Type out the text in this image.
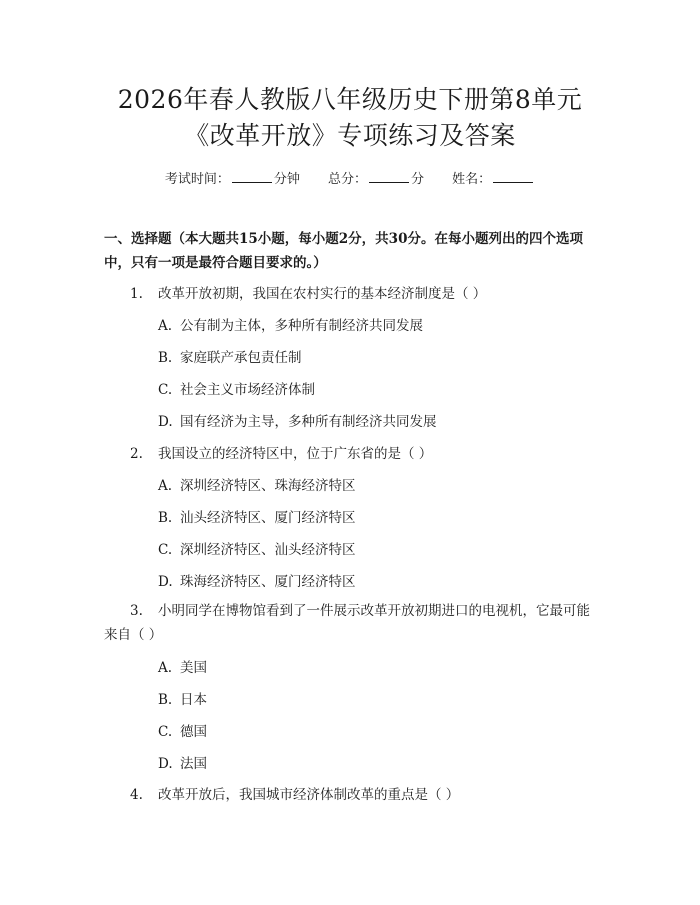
2026年春人教版八年级历史下册第8单元
《改革开放》专项练习及答案
考试时间：	分钟 总分：	分 姓名：
一、选择题（本大题共15小题，每小题2分，共30分。在每小题列出的四个选项中，只有一项是最符合题目要求的。）
1. 改革开放初期，我国在农村实行的基本经济制度是（ ）
A. 公有制为主体，多种所有制经济共同发展
B. 家庭联产承包责任制
C. 社会主义市场经济体制
D. 国有经济为主导，多种所有制经济共同发展
2. 我国设立的经济特区中，位于广东省的是（ ）
A. 深圳经济特区、珠海经济特区
B. 汕头经济特区、厦门经济特区
C. 深圳经济特区、汕头经济特区
D. 珠海经济特区、厦门经济特区
3. 小明同学在博物馆看到了一件展示改革开放初期进口的电视机，它最可能
来自（ ）
A. 美国
B. 日本
C. 德国
D. 法国
4. 改革开放后，我国城市经济体制改革的重点是（ ）
